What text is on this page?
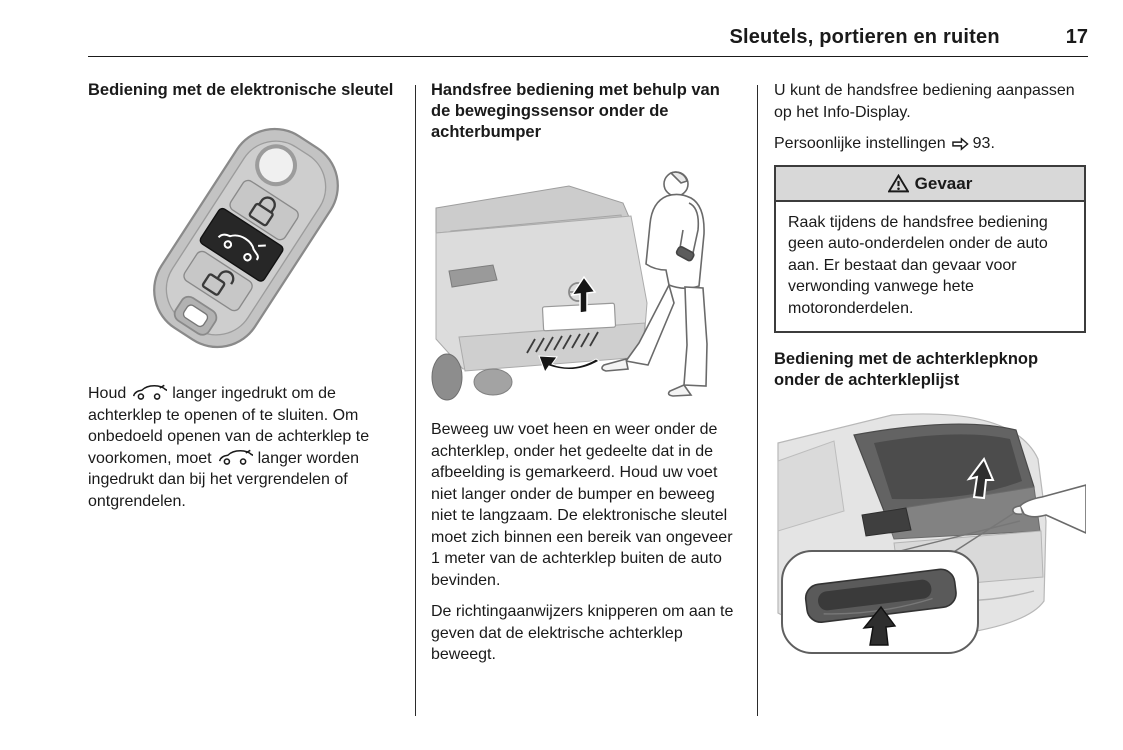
Sleutels, portieren en ruiten	17
Bediening met de elektronische sleutel

Houd	langer ingedrukt om de achterklep te openen of te sluiten. Om onbedoeld openen van de achterklep te voorkomen, moet	langer worden ingedrukt dan bij het vergrendelen of ontgrendelen.

Handsfree bediening met behulp van de bewegingssensor onder de achterbumper

Beweeg uw voet heen en weer onder de achterklep, onder het gedeelte dat in de afbeelding is gemarkeerd. Houd uw voet niet langer onder de bumper en beweeg niet te langzaam. De elektronische sleutel moet zich binnen een bereik van ongeveer 1 meter van de achterklep buiten de auto bevinden.

De richtingaanwijzers knipperen om aan te geven dat de elektrische achterklep beweegt.

U kunt de handsfree bediening aanpassen op het Info-Display.

Persoonlijke instellingen 93.

Gevaar
Raak tijdens de handsfree bediening geen auto-onderdelen onder de auto aan. Er bestaat dan gevaar voor verwonding vanwege hete motoronderdelen.
Bediening met de achterklepknop onder de achterkleplijst
